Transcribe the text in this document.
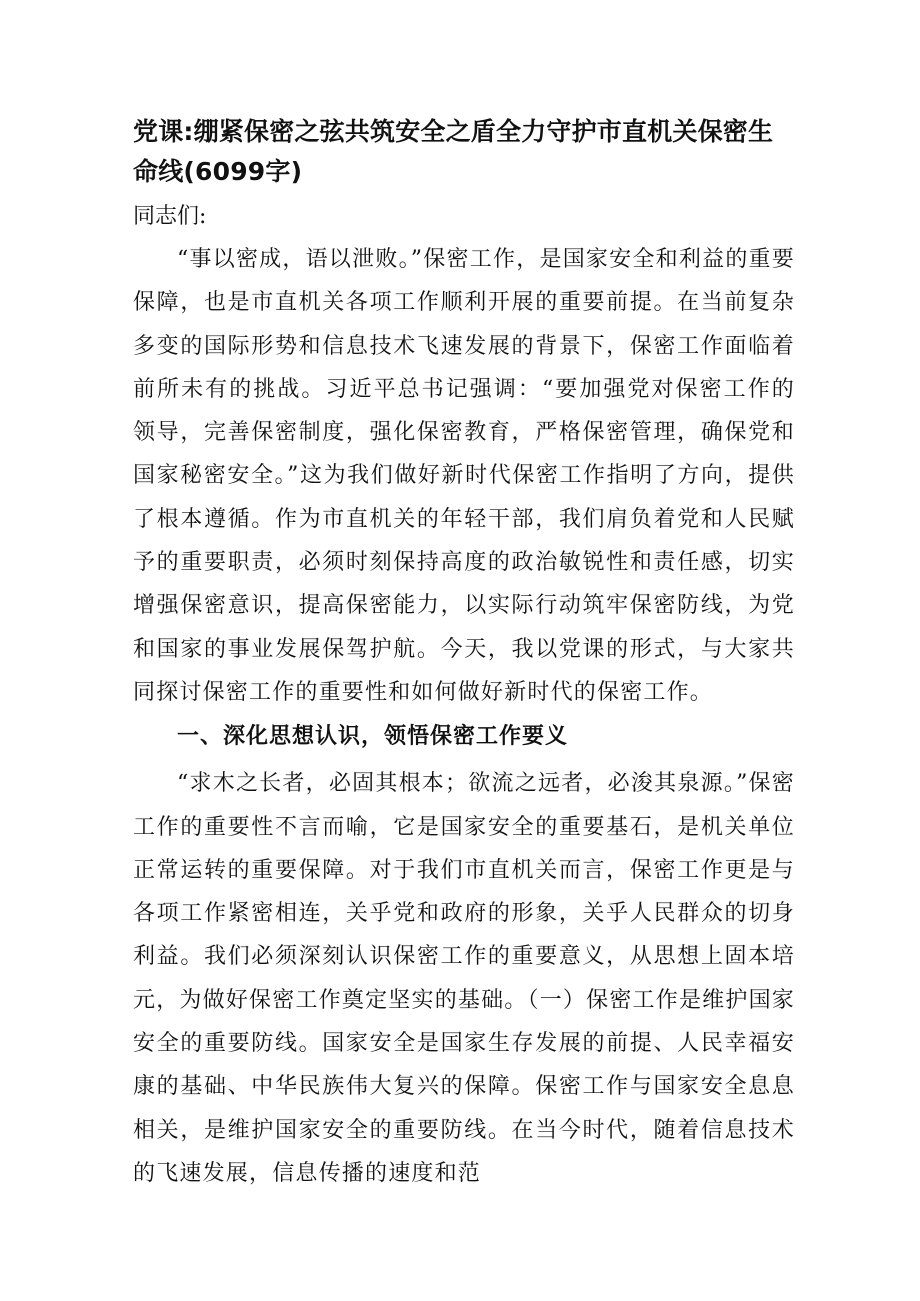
党课:绷紧保密之弦共筑安全之盾全力守护市直机关保密生命线(6099字)

同志们:

“事以密成，语以泄败。”保密工作，是国家安全和利益的重要保障，也是市直机关各项工作顺利开展的重要前提。在当前复杂多变的国际形势和信息技术飞速发展的背景下，保密工作面临着前所未有的挑战。习近平总书记强调：“要加强党对保密工作的领导，完善保密制度，强化保密教育，严格保密管理，确保党和国家秘密安全。”这为我们做好新时代保密工作指明了方向，提供了根本遵循。作为市直机关的年轻干部，我们肩负着党和人民赋予的重要职责，必须时刻保持高度的政治敏锐性和责任感，切实增强保密意识，提高保密能力，以实际行动筑牢保密防线，为党和国家的事业发展保驾护航。今天，我以党课的形式，与大家共同探讨保密工作的重要性和如何做好新时代的保密工作。

一、深化思想认识，领悟保密工作要义

“求木之长者，必固其根本；欲流之远者，必浚其泉源。”保密工作的重要性不言而喻，它是国家安全的重要基石，是机关单位正常运转的重要保障。对于我们市直机关而言，保密工作更是与各项工作紧密相连，关乎党和政府的形象，关乎人民群众的切身利益。我们必须深刻认识保密工作的重要意义，从思想上固本培元，为做好保密工作奠定坚实的基础。（一）保密工作是维护国家安全的重要防线。国家安全是国家生存发展的前提、人民幸福安康的基础、中华民族伟大复兴的保障。保密工作与国家安全息息相关，是维护国家安全的重要防线。在当今时代，随着信息技术的飞速发展，信息传播的速度和范
